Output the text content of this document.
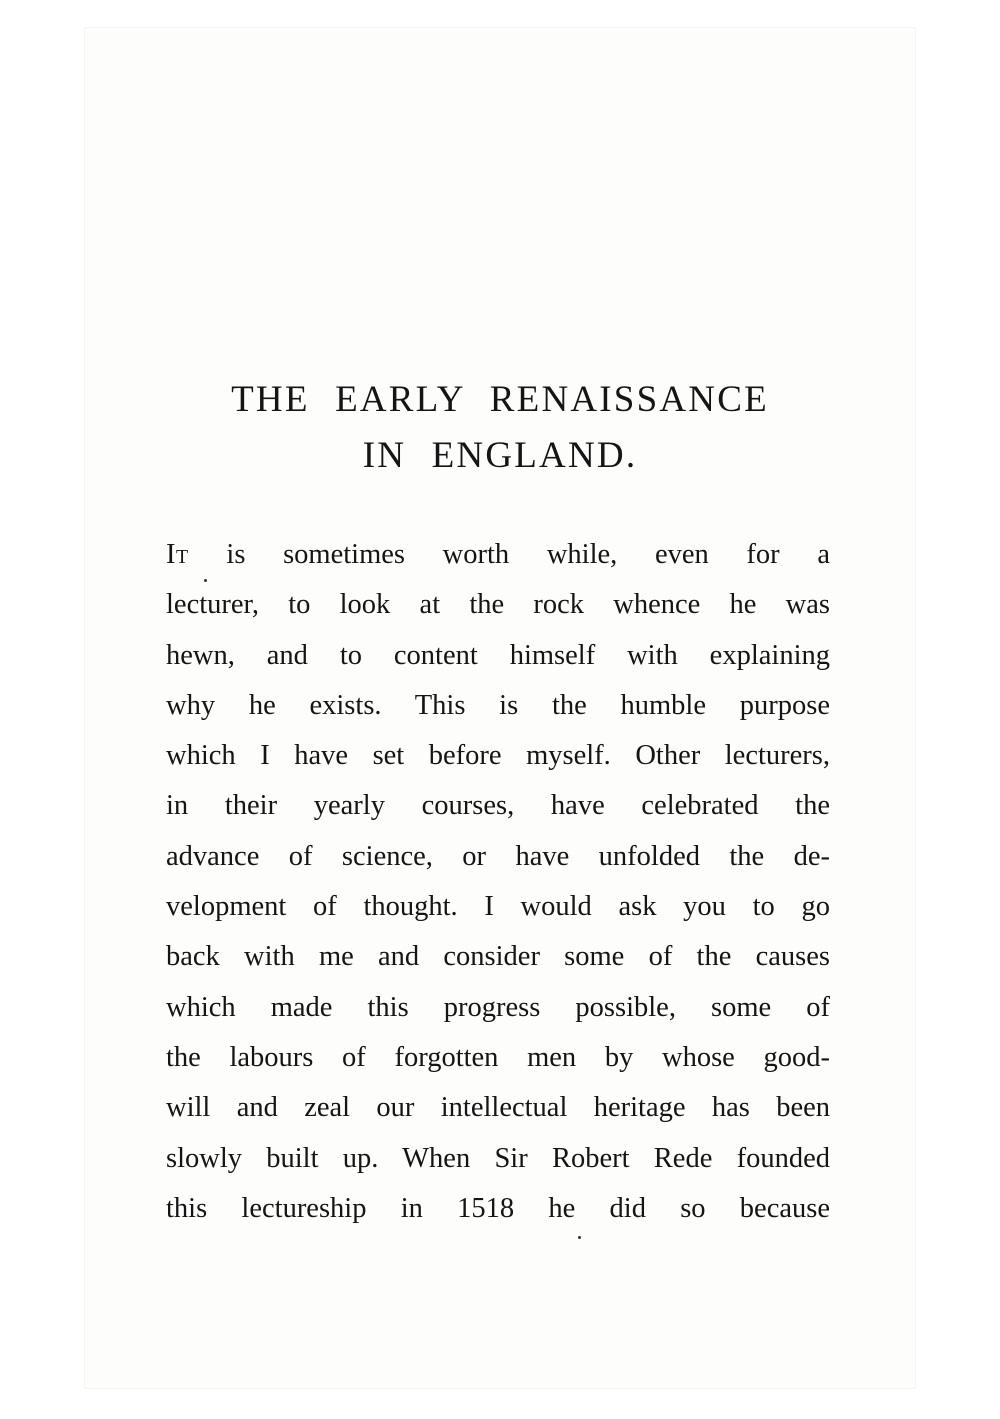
THE EARLY RENAISSANCE
IN ENGLAND.
It is sometimes worth while, even for a
lecturer, to look at the rock whence he was
hewn, and to content himself with explaining
why he exists. This is the humble purpose
which I have set before myself. Other lecturers,
in their yearly courses, have celebrated the
advance of science, or have unfolded the de-
velopment of thought. I would ask you to go
back with me and consider some of the causes
which made this progress possible, some of
the labours of forgotten men by whose good-
will and zeal our intellectual heritage has been
slowly built up. When Sir Robert Rede founded
this lectureship in 1518 he did so because
